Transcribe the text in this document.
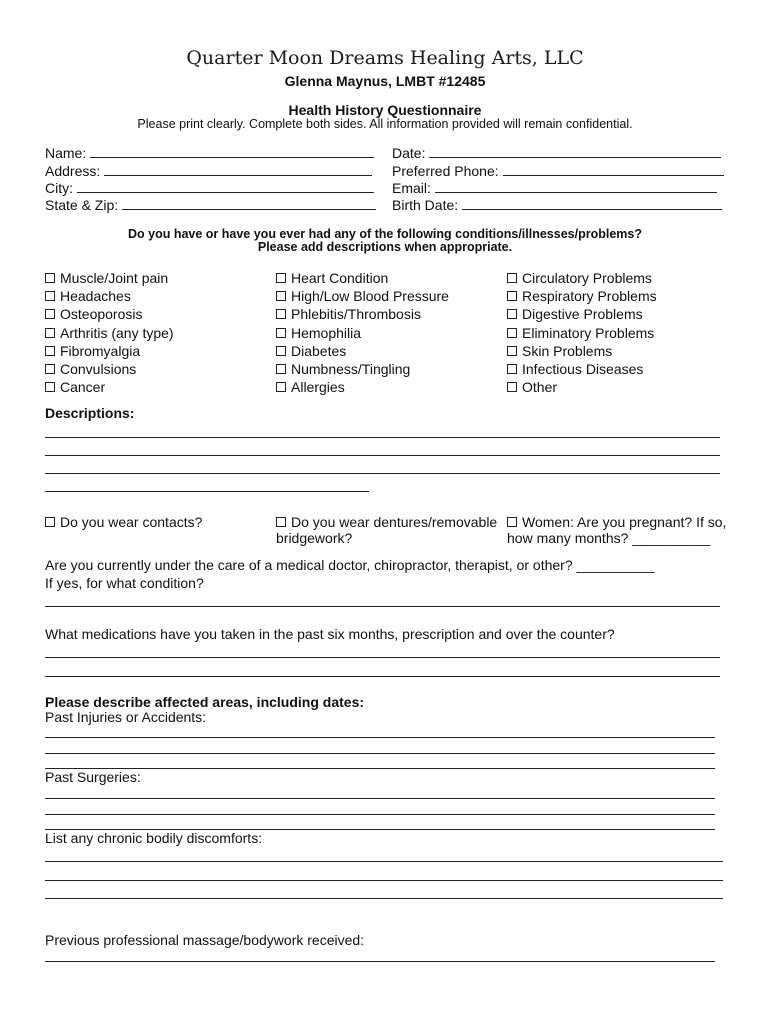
Quarter Moon Dreams Healing Arts, LLC
Glenna Maynus, LMBT #12485
Health History Questionnaire
Please print clearly. Complete both sides. All information provided will remain confidential.
Name:
Address:
City:
State & Zip:
Date:
Preferred Phone:
Email:
Birth Date:
Do you have or have you ever had any of the following conditions/illnesses/problems?
Please add descriptions when appropriate.
Muscle/Joint pain
Headaches
Osteoporosis
Arthritis (any type)
Fibromyalgia
Convulsions
Cancer
Heart Condition
High/Low Blood Pressure
Phlebitis/Thrombosis
Hemophilia
Diabetes
Numbness/Tingling
Allergies
Circulatory Problems
Respiratory Problems
Digestive Problems
Eliminatory Problems
Skin Problems
Infectious Diseases
Other
Descriptions:
Do you wear contacts?	Do you wear dentures/removable bridgework?
Women: Are you pregnant? If so, how many months? __________
Are you currently under the care of a medical doctor, chiropractor, therapist, or other? __________
If yes, for what condition?
What medications have you taken in the past six months, prescription and over the counter?
Please describe affected areas, including dates:
Past Injuries or Accidents:
Past Surgeries:
List any chronic bodily discomforts:
Previous professional massage/bodywork received:
